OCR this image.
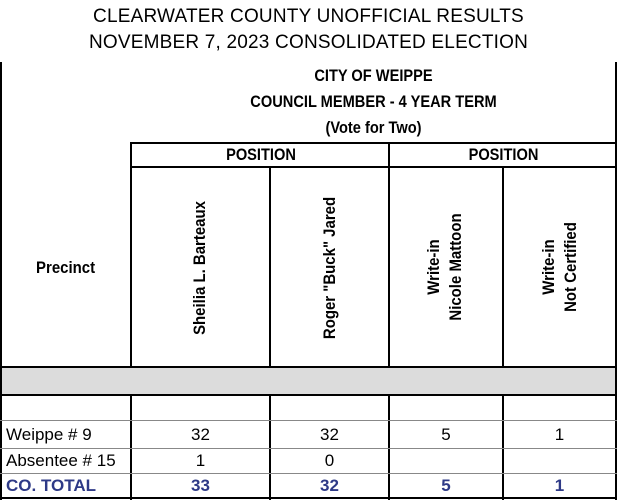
CLEARWATER COUNTY UNOFFICIAL RESULTS
NOVEMBER 7, 2023 CONSOLIDATED ELECTION
CITY OF WEIPPE
COUNCIL MEMBER - 4 YEAR TERM
(Vote for Two)
POSITION	POSITION
Precinct	Sheilia L. Barteaux	Roger "Buck" Jared	Write-in Nicole Mattoon	Write-in Not Certified
Weippe # 9	32	32	5	1
Absentee # 15	1	0
CO. TOTAL	33	32	5	1
